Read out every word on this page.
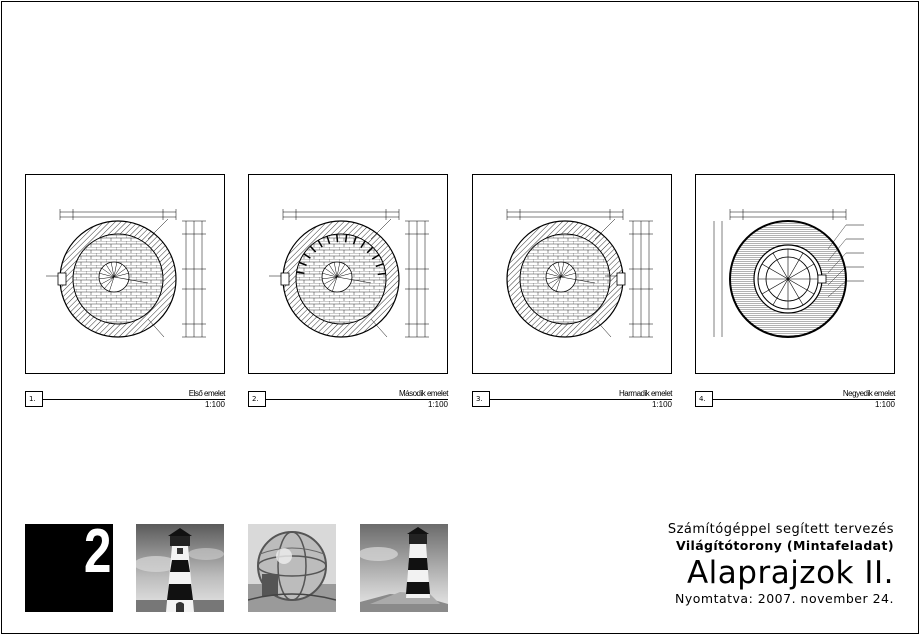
1.
Első emelet
1:100
2.
Második emelet
1:100
3.
Harmadik emelet
1:100
4.
Negyedik emelet
1:100
2	Számítógéppel segített tervezés
Világítótorony (Mintafeladat)
Alaprajzok II.
Nyomtatva: 2007. november 24.
